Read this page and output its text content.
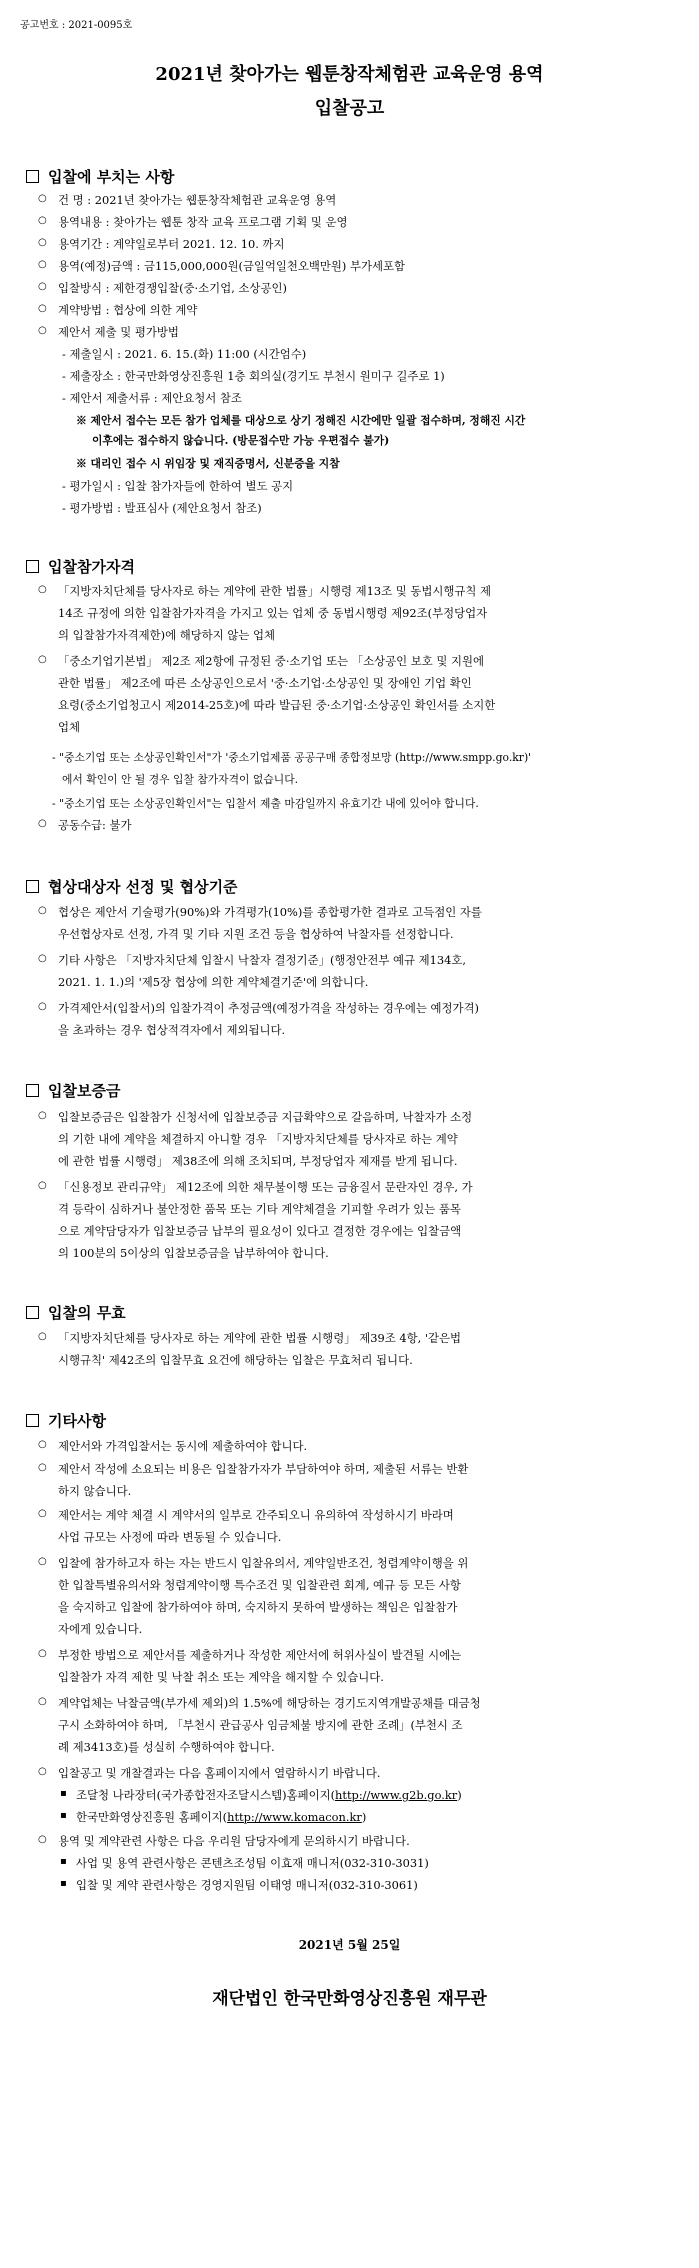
공고번호 : 2021-0095호
2021년 찾아가는 웹툰창작체험관 교육운영 용역
입찰공고
입찰에 부치는 사항
○ 건 명 : 2021년 찾아가는 웹툰창작체험관 교육운영 용역
○ 용역내용 : 찾아가는 웹툰 창작 교육 프로그램 기획 및 운영
○ 용역기간 : 계약일로부터 2021. 12. 10. 까지
○ 용역(예정)금액 : 금115,000,000원(금일억일천오백만원) 부가세포함
○ 입찰방식 : 제한경쟁입찰(중·소기업, 소상공인)
○ 계약방법 : 협상에 의한 계약
○ 제안서 제출 및 평가방법
- 제출일시 : 2021. 6. 15.(화) 11:00 (시간엄수)
- 제출장소 : 한국만화영상진흥원 1층 회의실(경기도 부천시 원미구 길주로 1)
- 제안서 제출서류 : 제안요청서 참조
※ 제안서 접수는 모든 참가 업체를 대상으로 상기 정해진 시간에만 일괄 접수하며, 정해진 시간
이후에는 접수하지 않습니다. (방문접수만 가능 우편접수 불가)
※ 대리인 접수 시 위임장 및 재직증명서, 신분증을 지참
- 평가일시 : 입찰 참가자들에 한하여 별도 공지
- 평가방법 : 발표심사 (제안요청서 참조)
입찰참가자격
○ 「지방자치단체를 당사자로 하는 계약에 관한 법률」시행령 제13조 및 동법시행규칙 제
14조 규정에 의한 입찰참가자격을 가지고 있는 업체 중 동법시행령 제92조(부정당업자
의 입찰참가자격제한)에 해당하지 않는 업체
○ 「중소기업기본법」 제2조 제2항에 규정된 중·소기업 또는 「소상공인 보호 및 지원에
관한 법률」 제2조에 따른 소상공인으로서 '중·소기업·소상공인 및 장애인 기업 확인
요령(중소기업청고시 제2014-25호)에 따라 발급된 중·소기업·소상공인 확인서를 소지한
업체
- "중소기업 또는 소상공인확인서"가 '중소기업제품 공공구매 종합정보망 (http://www.smpp.go.kr)'
에서 확인이 안 될 경우 입찰 참가자격이 없습니다.
- "중소기업 또는 소상공인확인서"는 입찰서 제출 마감일까지 유효기간 내에 있어야 합니다.
○ 공동수급: 불가
협상대상자 선정 및 협상기준
○ 협상은 제안서 기술평가(90%)와 가격평가(10%)를 종합평가한 결과로 고득점인 자를
우선협상자로 선정, 가격 및 기타 지원 조건 등을 협상하여 낙찰자를 선정합니다.
○ 기타 사항은 「지방자치단체 입찰시 낙찰자 결정기준」(행정안전부 예규 제134호,
2021. 1. 1.)의 '제5장 협상에 의한 계약체결기준'에 의합니다.
○ 가격제안서(입찰서)의 입찰가격이 추정금액(예정가격을 작성하는 경우에는 예정가격)
을 초과하는 경우 협상적격자에서 제외됩니다.
입찰보증금
○ 입찰보증금은 입찰참가 신청서에 입찰보증금 지급확약으로 갈음하며, 낙찰자가 소정
의 기한 내에 계약을 체결하지 아니할 경우 「지방자치단체를 당사자로 하는 계약
에 관한 법률 시행령」 제38조에 의해 조치되며, 부정당업자 제재를 받게 됩니다.
○ 「신용정보 관리규약」 제12조에 의한 채무불이행 또는 금융질서 문란자인 경우, 가
격 등락이 심하거나 불안정한 품목 또는 기타 계약체결을 기피할 우려가 있는 품목
으로 계약담당자가 입찰보증금 납부의 필요성이 있다고 결정한 경우에는 입찰금액
의 100분의 5이상의 입찰보증금을 납부하여야 합니다.
입찰의 무효
○ 「지방자치단체를 당사자로 하는 계약에 관한 법률 시행령」 제39조 4항, '같은법
시행규칙' 제42조의 입찰무효 요건에 해당하는 입찰은 무효처리 됩니다.
기타사항
○ 제안서와 가격입찰서는 동시에 제출하여야 합니다.
○ 제안서 작성에 소요되는 비용은 입찰참가자가 부담하여야 하며, 제출된 서류는 반환
하지 않습니다.
○ 제안서는 계약 체결 시 계약서의 일부로 간주되오니 유의하여 작성하시기 바라며
사업 규모는 사정에 따라 변동될 수 있습니다.
○ 입찰에 참가하고자 하는 자는 반드시 입찰유의서, 계약일반조건, 청렴계약이행을 위
한 입찰특별유의서와 청렴계약이행 특수조건 및 입찰관련 회계, 예규 등 모든 사항
을 숙지하고 입찰에 참가하여야 하며, 숙지하지 못하여 발생하는 책임은 입찰참가
자에게 있습니다.
○ 부정한 방법으로 제안서를 제출하거나 작성한 제안서에 허위사실이 발견될 시에는
입찰참가 자격 제한 및 낙찰 취소 또는 계약을 해지할 수 있습니다.
○ 계약업체는 낙찰금액(부가세 제외)의 1.5%에 해당하는 경기도지역개발공채를 대금청
구시 소화하여야 하며, 「부천시 관급공사 임금체불 방지에 관한 조례」(부천시 조
례 제3413호)를 성실히 수행하여야 합니다.
○ 입찰공고 및 개찰결과는 다음 홈페이지에서 열람하시기 바랍니다.
▪ 조달청 나라장터(국가종합전자조달시스템)홈페이지(http://www.g2b.go.kr)
▪ 한국만화영상진흥원 홈페이지(http://www.komacon.kr)
○ 용역 및 계약관련 사항은 다음 우리원 담당자에게 문의하시기 바랍니다.
▪ 사업 및 용역 관련사항은 콘텐츠조성팀 이효재 매니저(032-310-3031)
▪ 입찰 및 계약 관련사항은 경영지원팀 이태영 매니저(032-310-3061)
2021년 5월 25일
재단법인 한국만화영상진흥원 재무관
